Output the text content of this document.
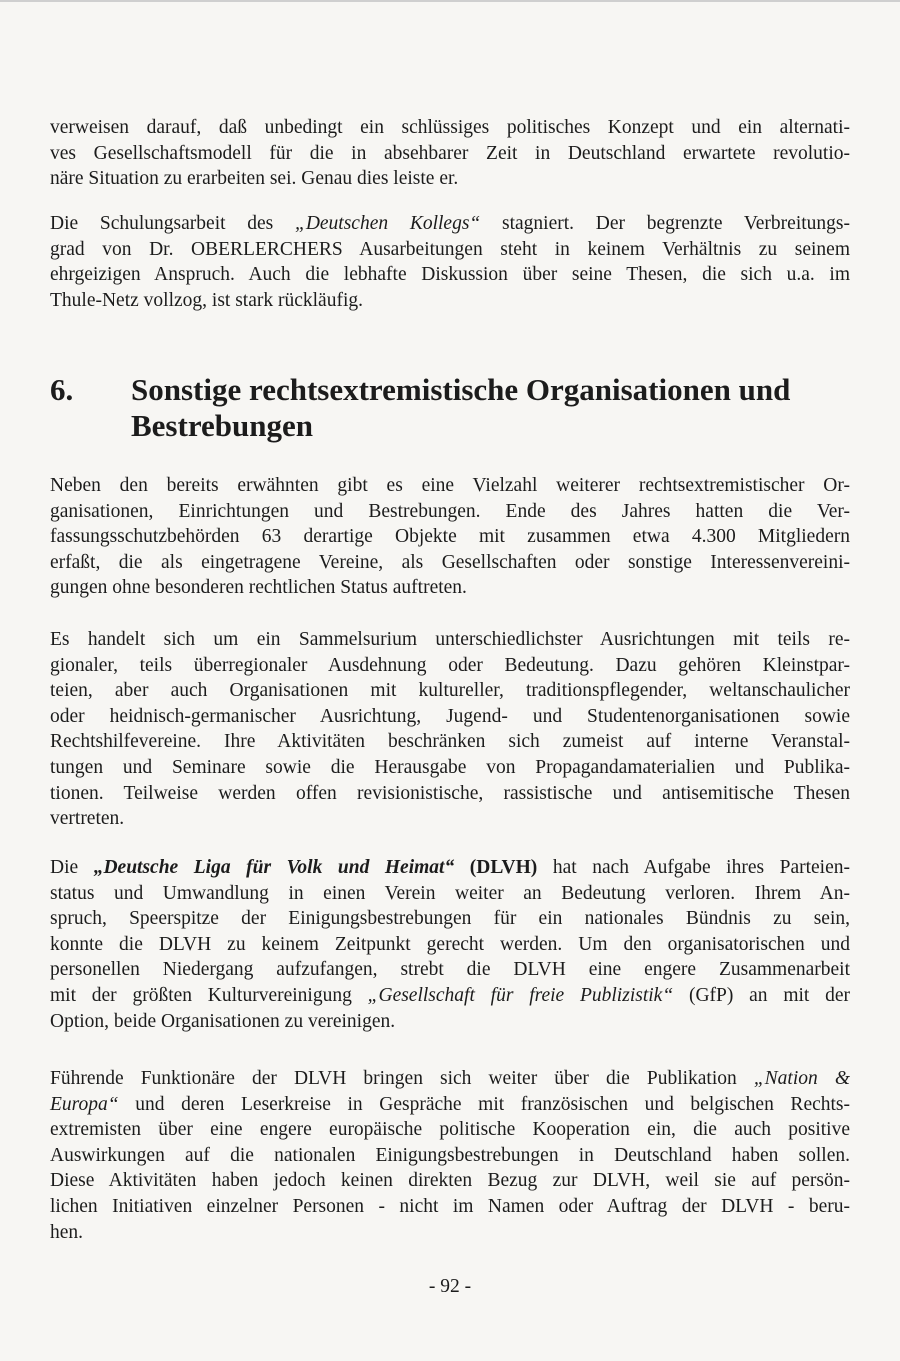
verweisen darauf, daß unbedingt ein schlüssiges politisches Konzept und ein alternati-
ves Gesellschaftsmodell für die in absehbarer Zeit in Deutschland erwartete revolutio-
näre Situation zu erarbeiten sei. Genau dies leiste er.
Die Schulungsarbeit des „Deutschen Kollegs“ stagniert. Der begrenzte Verbreitungs-
grad von Dr. OBERLERCHERS Ausarbeitungen steht in keinem Verhältnis zu seinem
ehrgeizigen Anspruch. Auch die lebhafte Diskussion über seine Thesen, die sich u.a. im
Thule-Netz vollzog, ist stark rückläufig.
6. Sonstige rechtsextremistische Organisationen und
Bestrebungen
Neben den bereits erwähnten gibt es eine Vielzahl weiterer rechtsextremistischer Or-
ganisationen, Einrichtungen und Bestrebungen. Ende des Jahres hatten die Ver-
fassungsschutzbehörden 63 derartige Objekte mit zusammen etwa 4.300 Mitgliedern
erfaßt, die als eingetragene Vereine, als Gesellschaften oder sonstige Interessenvereini-
gungen ohne besonderen rechtlichen Status auftreten.
Es handelt sich um ein Sammelsurium unterschiedlichster Ausrichtungen mit teils re-
gionaler, teils überregionaler Ausdehnung oder Bedeutung. Dazu gehören Kleinstpar-
teien, aber auch Organisationen mit kultureller, traditionspflegender, weltanschaulicher
oder heidnisch-germanischer Ausrichtung, Jugend- und Studentenorganisationen sowie
Rechtshilfevereine. Ihre Aktivitäten beschränken sich zumeist auf interne Veranstal-
tungen und Seminare sowie die Herausgabe von Propagandamaterialien und Publika-
tionen. Teilweise werden offen revisionistische, rassistische und antisemitische Thesen
vertreten.
Die „Deutsche Liga für Volk und Heimat“ (DLVH) hat nach Aufgabe ihres Parteien-
status und Umwandlung in einen Verein weiter an Bedeutung verloren. Ihrem An-
spruch, Speerspitze der Einigungsbestrebungen für ein nationales Bündnis zu sein,
konnte die DLVH zu keinem Zeitpunkt gerecht werden. Um den organisatorischen und
personellen Niedergang aufzufangen, strebt die DLVH eine engere Zusammenarbeit
mit der größten Kulturvereinigung „Gesellschaft für freie Publizistik“ (GfP) an mit der
Option, beide Organisationen zu vereinigen.
Führende Funktionäre der DLVH bringen sich weiter über die Publikation „Nation &
Europa“ und deren Leserkreise in Gespräche mit französischen und belgischen Rechts-
extremisten über eine engere europäische politische Kooperation ein, die auch positive
Auswirkungen auf die nationalen Einigungsbestrebungen in Deutschland haben sollen.
Diese Aktivitäten haben jedoch keinen direkten Bezug zur DLVH, weil sie auf persön-
lichen Initiativen einzelner Personen - nicht im Namen oder Auftrag der DLVH - beru-
hen.
- 92 -
